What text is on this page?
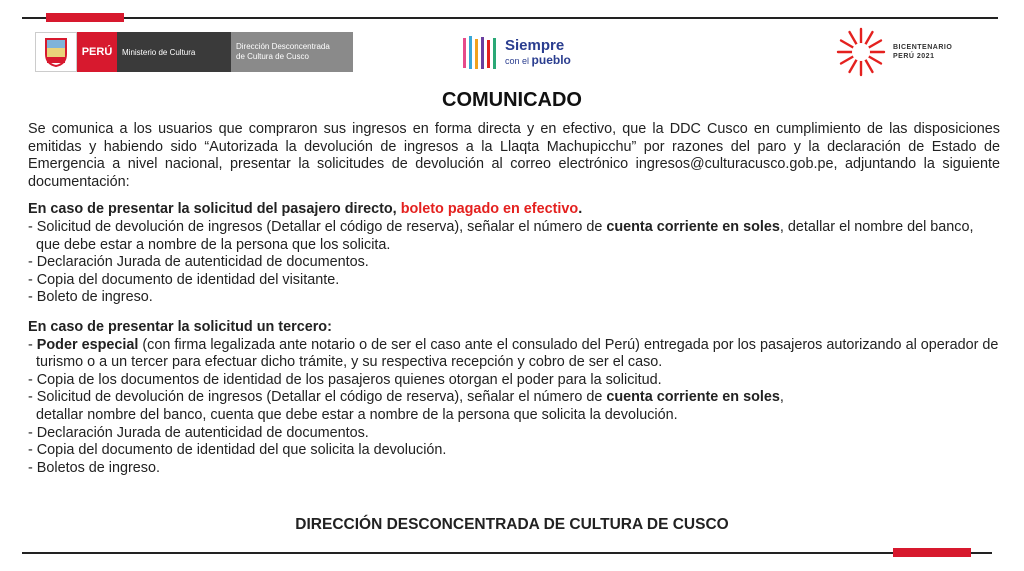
PERÚ	Ministerio de Cultura
Dirección Desconcentrada
de Cultura de Cusco
Siempre
con el pueblo
BICENTENARIO
PERÚ 2021
COMUNICADO

Se comunica a los usuarios que compraron sus ingresos en forma directa y en efectivo, que la DDC Cusco en cumplimiento de las disposiciones emitidas y habiendo sido “Autorizada la devolución de ingresos a la Llaqta Machupicchu” por razones del paro y la declaración de Estado de Emergencia a nivel nacional, presentar la solicitudes de devolución al correo electrónico ingresos@culturacusco.gob.pe, adjuntando la siguiente documentación:

En caso de presentar la solicitud del pasajero directo, boleto pagado en efectivo.

- Solicitud de devolución de ingresos (Detallar el código de reserva), señalar el número de cuenta corriente en soles, detallar el nombre del banco, que debe estar a nombre de la persona que los solicita.

- Declaración Jurada de autenticidad de documentos.

- Copia del documento de identidad del visitante.

- Boleto de ingreso.

En caso de presentar la solicitud un tercero:

- Poder especial (con firma legalizada ante notario o de ser el caso ante el consulado del Perú) entregada por los pasajeros autorizando al operador de turismo o a un tercer para efectuar dicho trámite, y su respectiva recepción y cobro de ser el caso.

- Copia de los documentos de identidad de los pasajeros quienes otorgan el poder para la solicitud.

- Solicitud de devolución de ingresos (Detallar el código de reserva), señalar el número de cuenta corriente en soles,
detallar nombre del banco, cuenta que debe estar a nombre de la persona que solicita la devolución.

- Declaración Jurada de autenticidad de documentos.

- Copia del documento de identidad del que solicita la devolución.

- Boletos de ingreso.

DIRECCIÓN DESCONCENTRADA DE CULTURA DE CUSCO
